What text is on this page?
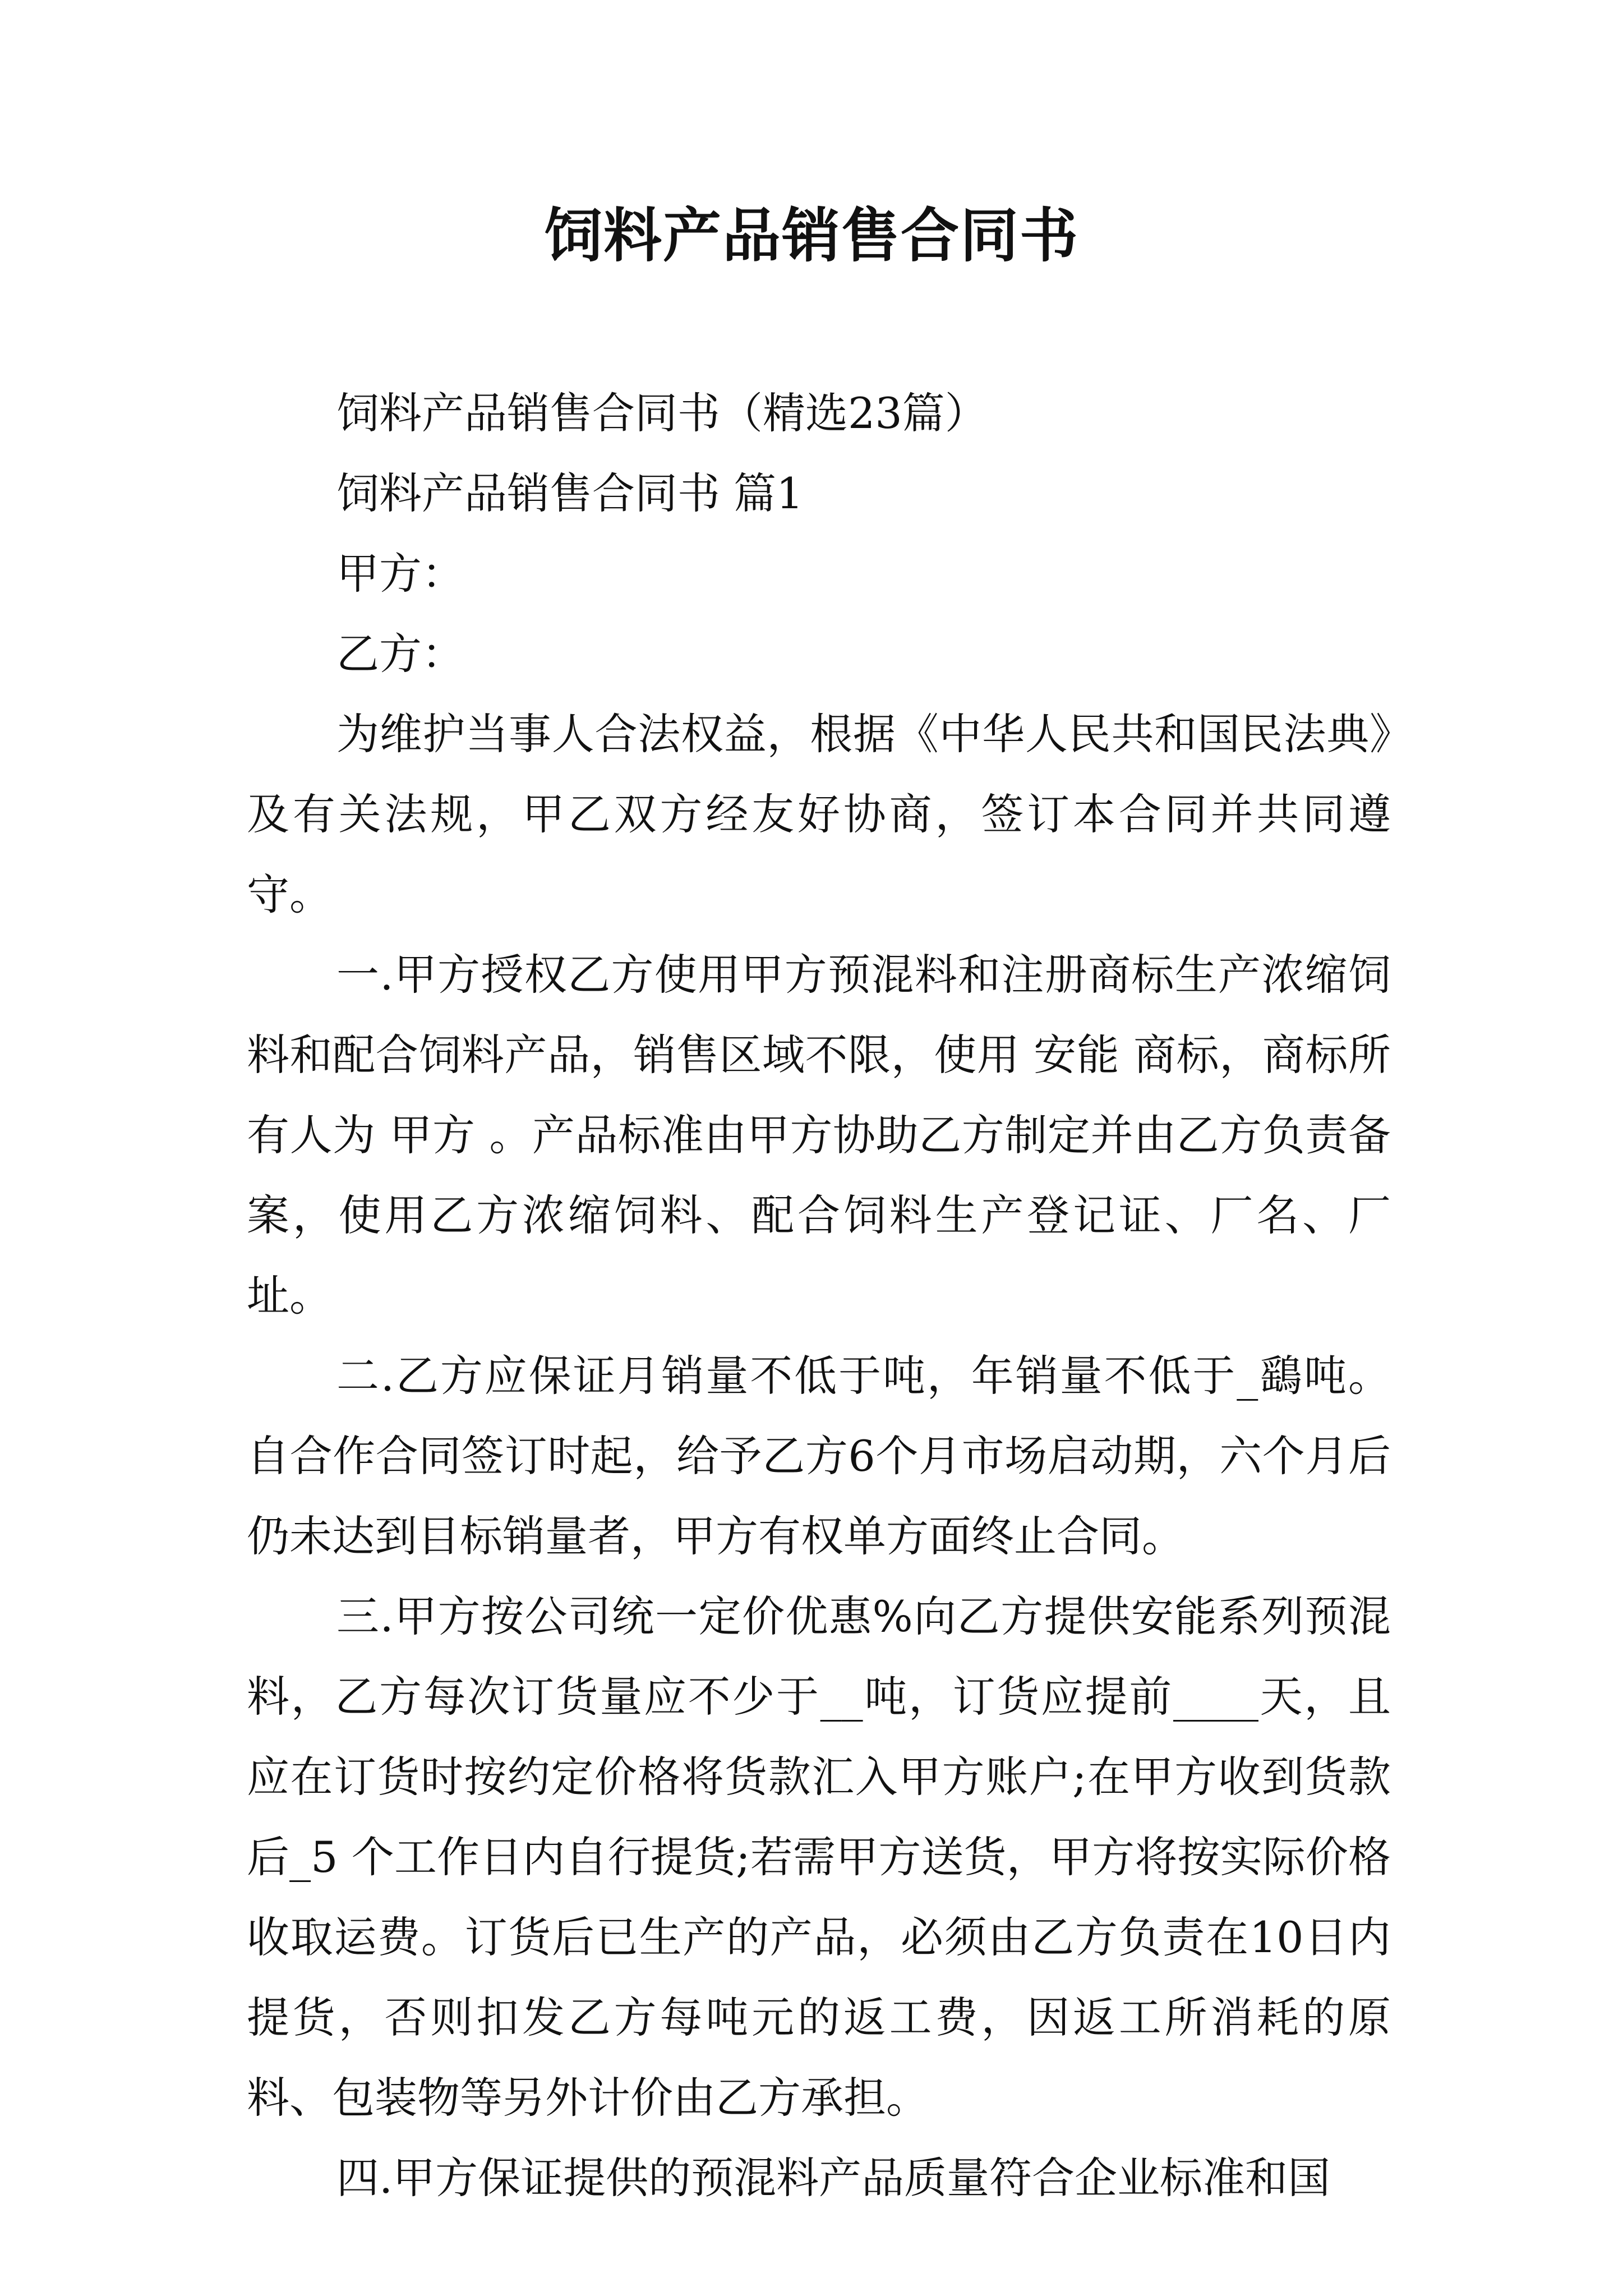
饲料产品销售合同书

饲料产品销售合同书（精选23篇）

饲料产品销售合同书 篇1

甲方：

乙方：

为维护当事人合法权益，根据《中华人民共和国民法典》及有关法规，甲乙双方经友好协商，签订本合同并共同遵守。

一.甲方授权乙方使用甲方预混料和注册商标生产浓缩饲料和配合饲料产品，销售区域不限，使用 安能 商标，商标所有人为 甲方 。产品标准由甲方协助乙方制定并由乙方负责备案，使用乙方浓缩饲料、配合饲料生产登记证、厂名、厂址。

二.乙方应保证月销量不低于吨，年销量不低于_鷂吨。自合作合同签订时起，给予乙方6个月市场启动期，六个月后仍未达到目标销量者，甲方有权单方面终止合同。

三.甲方按公司统一定价优惠%向乙方提供安能系列预混料，乙方每次订货量应不少于__吨，订货应提前____天，且应在订货时按约定价格将货款汇入甲方账户;在甲方收到货款后_5 个工作日内自行提货;若需甲方送货，甲方将按实际价格收取运费。订货后已生产的产品，必须由乙方负责在10日内提货，否则扣发乙方每吨元的返工费，因返工所消耗的原料、包装物等另外计价由乙方承担。

四.甲方保证提供的预混料产品质量符合企业标准和国
